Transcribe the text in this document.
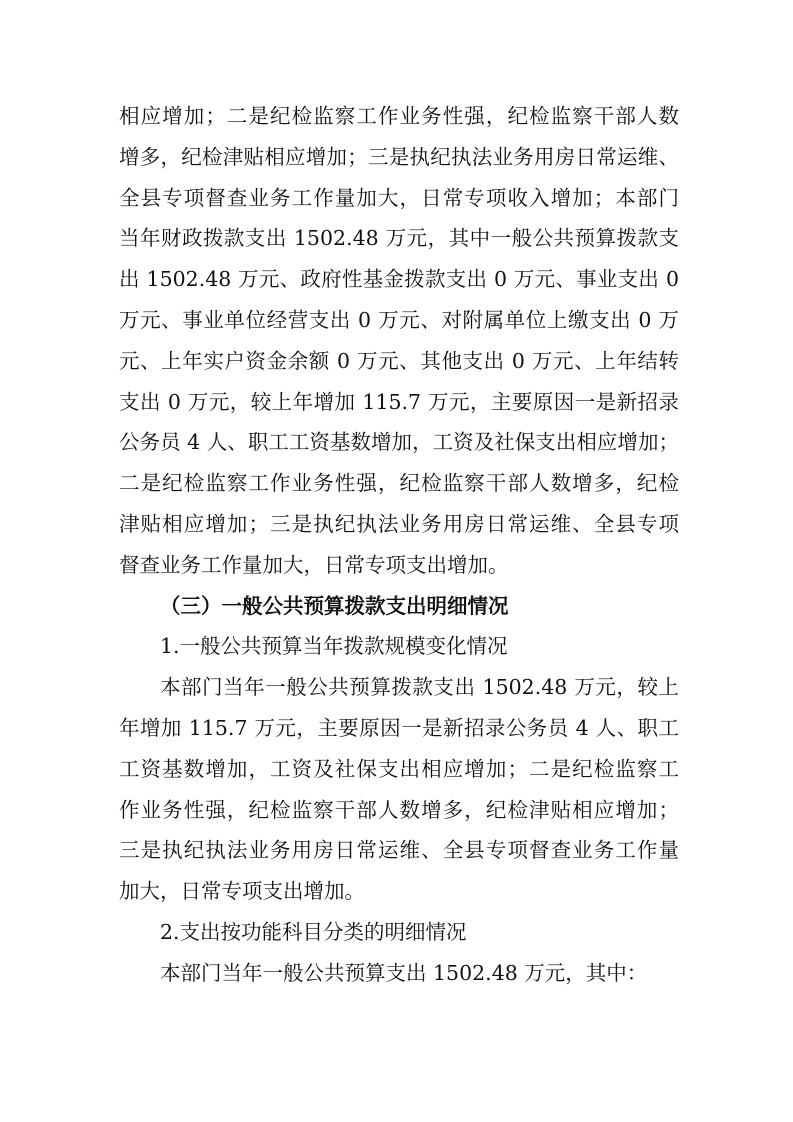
相应增加；二是纪检监察工作业务性强，纪检监察干部人数
增多，纪检津贴相应增加；三是执纪执法业务用房日常运维、
全县专项督查业务工作量加大，日常专项收入增加；本部门
当年财政拨款支出 1502.48 万元，其中一般公共预算拨款支
出 1502.48 万元、政府性基金拨款支出 0 万元、事业支出 0
万元、事业单位经营支出 0 万元、对附属单位上缴支出 0 万
元、上年实户资金余额 0 万元、其他支出 0 万元、上年结转
支出 0 万元，较上年增加 115.7 万元，主要原因一是新招录
公务员 4 人、职工工资基数增加，工资及社保支出相应增加；
二是纪检监察工作业务性强，纪检监察干部人数增多，纪检
津贴相应增加；三是执纪执法业务用房日常运维、全县专项
督查业务工作量加大，日常专项支出增加。
（三）一般公共预算拨款支出明细情况
1.一般公共预算当年拨款规模变化情况
本部门当年一般公共预算拨款支出 1502.48 万元，较上
年增加 115.7 万元，主要原因一是新招录公务员 4 人、职工
工资基数增加，工资及社保支出相应增加；二是纪检监察工
作业务性强，纪检监察干部人数增多，纪检津贴相应增加；
三是执纪执法业务用房日常运维、全县专项督查业务工作量
加大，日常专项支出增加。
2.支出按功能科目分类的明细情况
本部门当年一般公共预算支出 1502.48 万元，其中：
